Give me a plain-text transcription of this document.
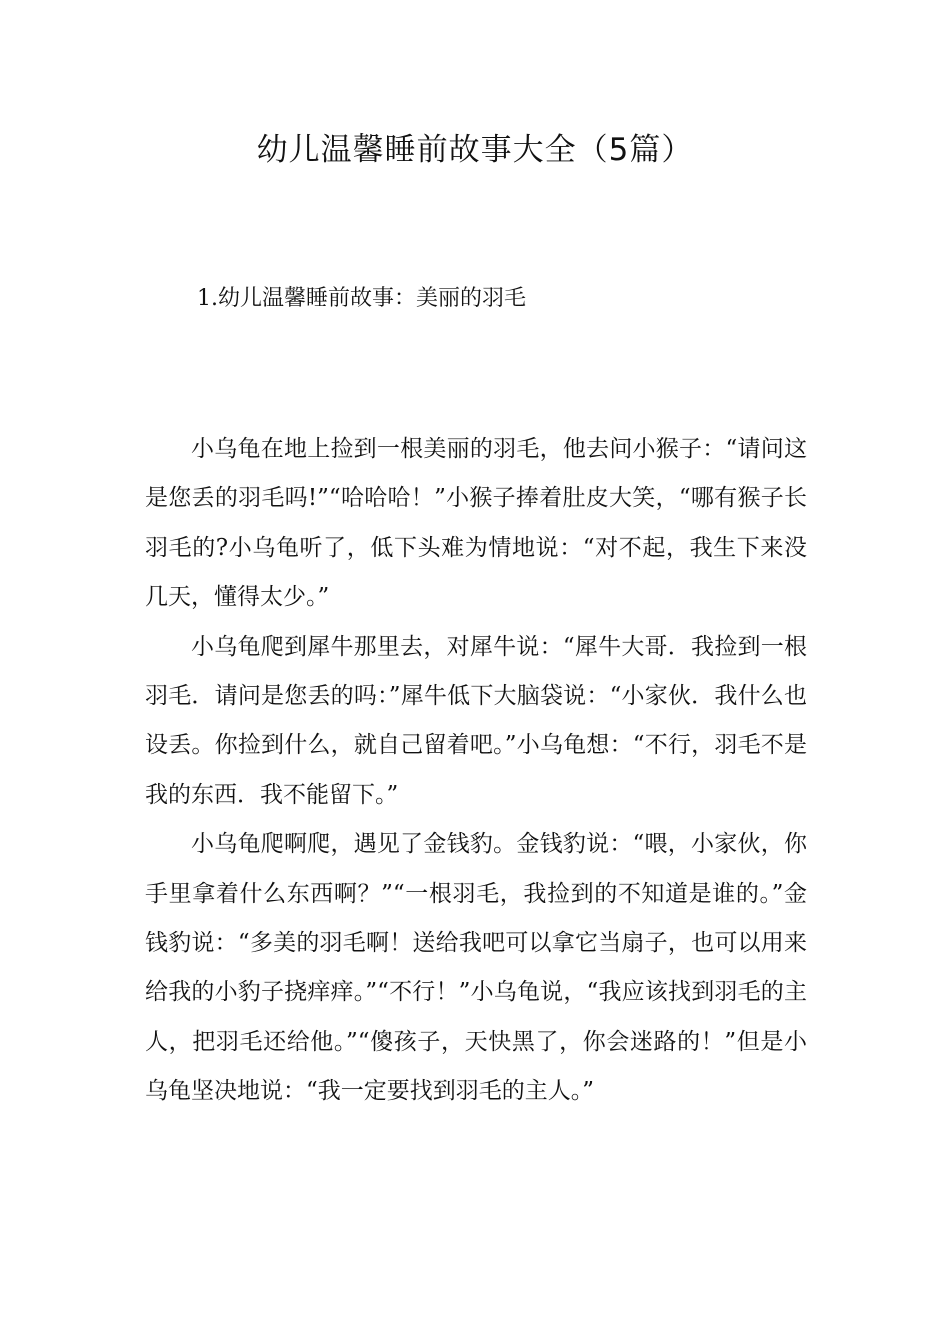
幼儿温馨睡前故事大全（5篇）
1.幼儿温馨睡前故事：美丽的羽毛

小乌龟在地上捡到一根美丽的羽毛，他去问小猴子：“请问这是您丢的羽毛吗!”“哈哈哈！”小猴子捧着肚皮大笑，“哪有猴子长羽毛的?小乌龟听了，低下头难为情地说：“对不起，我生下来没几天，懂得太少。”

小乌龟爬到犀牛那里去，对犀牛说：“犀牛大哥．我捡到一根羽毛．请问是您丢的吗：”犀牛低下大脑袋说：“小家伙．我什么也设丢。你捡到什么，就自己留着吧。”小乌龟想：“不行，羽毛不是我的东西．我不能留下。”

小乌龟爬啊爬，遇见了金钱豹。金钱豹说：“喂，小家伙，你手里拿着什么东西啊？”“一根羽毛，我捡到的不知道是谁的。”金钱豹说：“多美的羽毛啊！送给我吧可以拿它当扇子，也可以用来给我的小豹子挠痒痒。”“不行！”小乌龟说，“我应该找到羽毛的主人，把羽毛还给他。”“傻孩子，天快黑了，你会迷路的！”但是小乌龟坚决地说：“我一定要找到羽毛的主人。”
